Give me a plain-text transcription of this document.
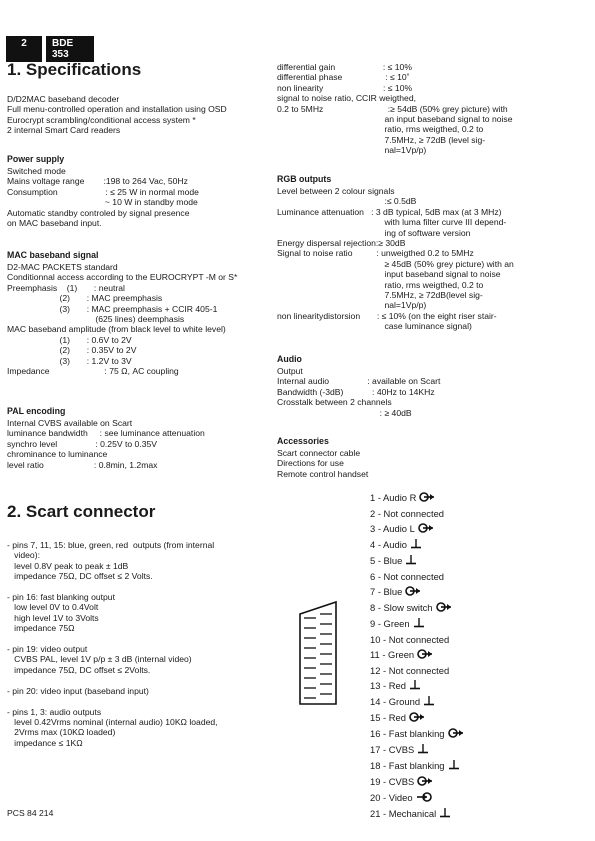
2	BDE 353
1. Specifications
D/D2MAC baseband decoder
Full menu-controlled operation and installation using OSD
Eurocrypt scrambling/conditional access system *
2 internal Smart Card readers
Power supply
Switched mode
Mains voltage range        :198 to 264 Vac, 50Hz
Consumption                    : ≤ 25 W in normal mode
~ 10 W in standby mode
Automatic standby controled by signal presence
on MAC baseband input.
MAC baseband signal
D2-MAC PACKETS standard
Conditionnal access according to the EUROCRYPT -M or S*
Preemphasis    (1)       : neutral
(2)       : MAC preemphasis
(3)       : MAC preemphasis + CCIR 405-1
(625 lines) deemphasis
MAC baseband amplitude (from black level to white level)
(1)       : 0.6V to 2V
(2)       : 0.35V to 2V
(3)       : 1.2V to 3V
Impedance                       : 75 Ω, AC coupling
PAL encoding
Internal CVBS available on Scart
luminance bandwidth     : see luminance attenuation
synchro level                : 0.25V to 0.35V
chrominance to luminance
level ratio                     : 0.8min, 1.2max
2. Scart connector
- pins 7, 11, 15: blue, green, red  outputs (from internal
video):
level 0.8V peak to peak ± 1dB
impedance 75Ω, DC offset ≤ 2 Volts.

- pin 16: fast blanking output
low level 0V to 0.4Volt
high level 1V to 3Volts
impedance 75Ω

- pin 19: video output
CVBS PAL, level 1V p/p ± 3 dB (internal video)
impedance 75Ω, DC offset ≤ 2Volts.

- pin 20: video input (baseband input)

- pins 1, 3: audio outputs
level 0.42Vrms nominal (internal audio) 10KΩ loaded,
2Vrms max (10KΩ loaded)
impedance ≤ 1KΩ
PCS 84 214
differential gain                    : ≤ 10%
differential phase                  : ≤ 10˚
non linearity                         : ≤ 10%
signal to noise ratio, CCIR weigthed,
0.2 to 5MHz                           :≥ 54dB (50% grey picture) with
an input baseband signal to noise
ratio, rms weigthed, 0.2 to
7.5MHz, ≥ 72dB (level sig-
nal=1Vp/p)
RGB outputs
Level between 2 colour signals
:≤ 0.5dB
Luminance attenuation   : 3 dB typical, 5dB max (at 3 MHz)
with luma filter curve III depend-
ing of software version
Energy dispersal rejection:≥ 30dB
Signal to noise ratio          : unweigthed 0.2 to 5MHz
≥ 45dB (50% grey picture) with an
input baseband signal to noise
ratio, rms weigthed, 0.2 to
7.5MHz, ≥ 72dB(level sig-
nal=1Vp/p)
non linearitydistorsion       : ≤ 10% (on the eight riser stair-
case luminance signal)
Audio
Output
Internal audio                : available on Scart
Bandwidth (-3dB)            : 40Hz to 14KHz
Crosstalk between 2 channels
: ≥ 40dB
Accessories
Scart connector cable
Directions for use
Remote control handset
1 - Audio R
2 - Not connected
3 - Audio L
4 - Audio
5 - Blue
6 - Not connected
7 - Blue
8 - Slow switch
9 - Green
10 - Not connected
11 - Green
12 - Not connected
13 - Red
14 - Ground
15 - Red
16 - Fast blanking
17 - CVBS
18 - Fast blanking
19 - CVBS
20 - Video
21 - Mechanical
